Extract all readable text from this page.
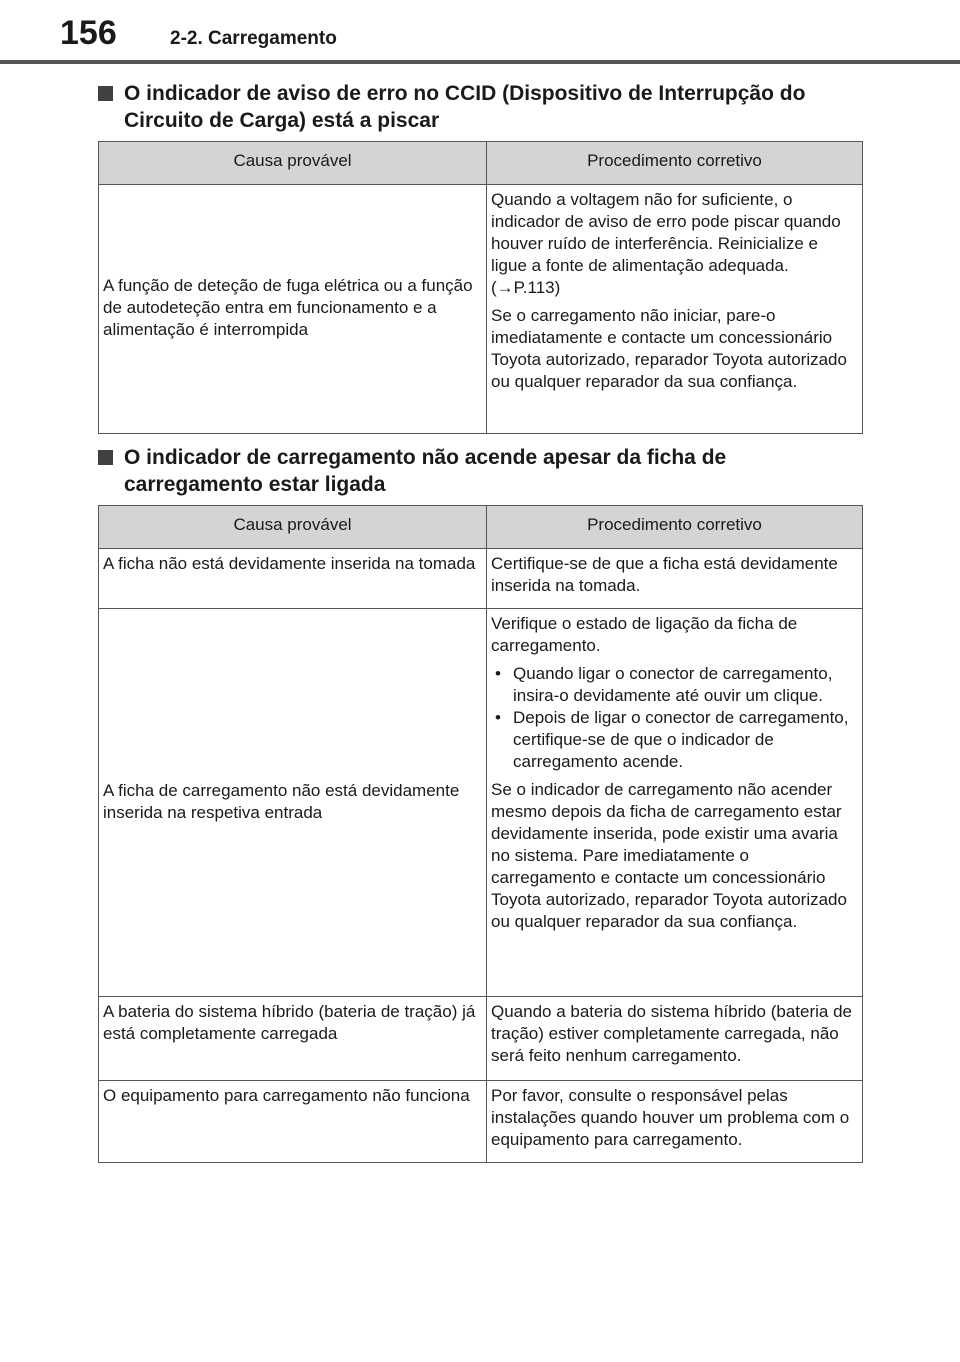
156	2-2. Carregamento
O indicador de aviso de erro no CCID (Dispositivo de Interrupção do Circuito de Carga) está a piscar
Causa provável	Procedimento corretivo
A função de deteção de fuga elétrica ou a função de autodeteção entra em funcionamento e a alimentação é interrompida	Quando a voltagem não for suficiente, o indicador de aviso de erro pode piscar quando houver ruído de interferência. Reinicialize e ligue a fonte de alimentação adequada. (→P.113)
Se o carregamento não iniciar, pare-o imediatamente e contacte um concessionário Toyota autorizado, reparador Toyota autorizado ou qualquer reparador da sua confiança.
O indicador de carregamento não acende apesar da ficha de carregamento estar ligada
Causa provável	Procedimento corretivo
A ficha não está devidamente inserida na tomada	Certifique-se de que a ficha está devidamente inserida na tomada.
A ficha de carregamento não está devidamente inserida na respetiva entrada	Verifique o estado de ligação da ficha de carregamento.
• Quando ligar o conector de carregamento, insira-o devidamente até ouvir um clique.
• Depois de ligar o conector de carregamento, certifique-se de que o indicador de carregamento acende.
Se o indicador de carregamento não acender mesmo depois da ficha de carregamento estar devidamente inserida, pode existir uma avaria no sistema. Pare imediatamente o carregamento e contacte um concessionário Toyota autorizado, reparador Toyota autorizado ou qualquer reparador da sua confiança.

A bateria do sistema híbrido (bateria de tração) já está completamente carregada	Quando a bateria do sistema híbrido (bateria de tração) estiver completamente carregada, não será feito nenhum carregamento.
O equipamento para carregamento não funciona	Por favor, consulte o responsável pelas instalações quando houver um problema com o equipamento para carregamento.
